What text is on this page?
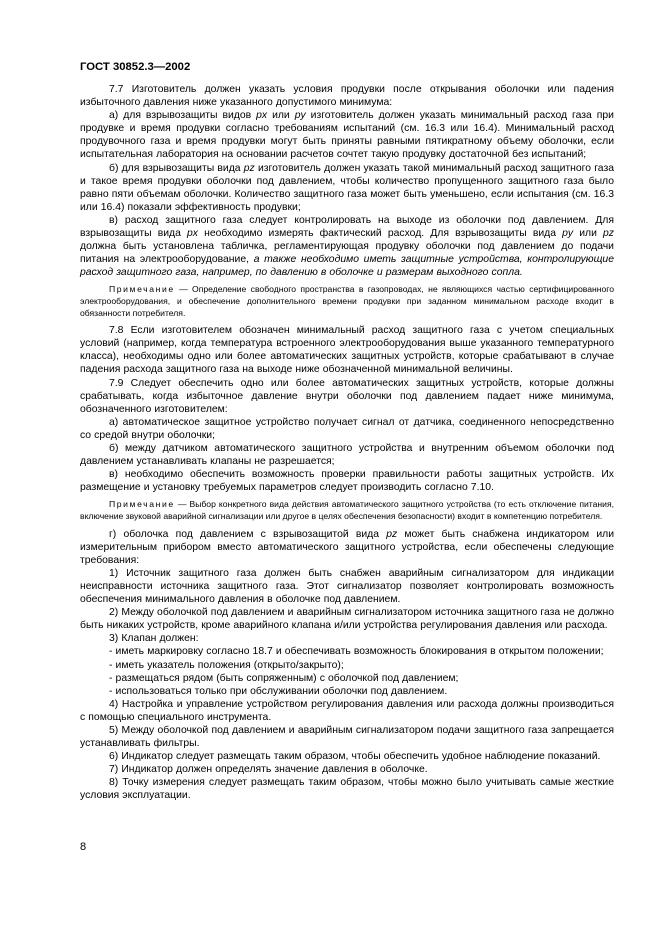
ГОСТ 30852.3—2002

7.7 Изготовитель должен указать условия продувки после открывания оболочки или падения избыточного давления ниже указанного допустимого минимума:

а) для взрывозащиты видов px или py изготовитель должен указать минимальный расход газа при продувке и время продувки согласно требованиям испытаний (см. 16.3 или 16.4). Минимальный расход продувочного газа и время продувки могут быть приняты равными пятикратному объему оболочки, если испытательная лаборатория на основании расчетов сочтет такую продувку достаточной без испытаний;

б) для взрывозащиты вида pz изготовитель должен указать такой минимальный расход защитного газа и такое время продувки оболочки под давлением, чтобы количество пропущенного защитного газа было равно пяти объемам оболочки. Количество защитного газа может быть уменьшено, если испытания (см. 16.3 или 16.4) показали эффективность продувки;

в) расход защитного газа следует контролировать на выходе из оболочки под давлением. Для взрывозащиты вида px необходимо измерять фактический расход. Для взрывозащиты вида py или pz должна быть установлена табличка, регламентирующая продувку оболочки под давлением до подачи питания на электрооборудование, а также необходимо иметь защитные устройства, контролирующие расход защитного газа, например, по давлению в оболочке и размерам выходного сопла.

Примечание — Определение свободного пространства в газопроводах, не являющихся частью сертифицированного электрооборудования, и обеспечение дополнительного времени продувки при заданном минимальном расходе входит в обязанности потребителя.

7.8 Если изготовителем обозначен минимальный расход защитного газа с учетом специальных условий (например, когда температура встроенного электрооборудования выше указанного температурного класса), необходимы одно или более автоматических защитных устройств, которые срабатывают в случае падения расхода защитного газа на выходе ниже обозначенной минимальной величины.

7.9 Следует обеспечить одно или более автоматических защитных устройств, которые должны срабатывать, когда избыточное давление внутри оболочки под давлением падает ниже минимума, обозначенного изготовителем:

а) автоматическое защитное устройство получает сигнал от датчика, соединенного непосредственно со средой внутри оболочки;

б) между датчиком автоматического защитного устройства и внутренним объемом оболочки под давлением устанавливать клапаны не разрешается;

в) необходимо обеспечить возможность проверки правильности работы защитных устройств. Их размещение и установку требуемых параметров следует производить согласно 7.10.

Примечание — Выбор конкретного вида действия автоматического защитного устройства (то есть отключение питания, включение звуковой аварийной сигнализации или другое в целях обеспечения безопасности) входит в компетенцию потребителя.

г) оболочка под давлением с взрывозащитой вида pz может быть снабжена индикатором или измерительным прибором вместо автоматического защитного устройства, если обеспечены следующие требования:

1) Источник защитного газа должен быть снабжен аварийным сигнализатором для индикации неисправности источника защитного газа. Этот сигнализатор позволяет контролировать возможность обеспечения минимального давления в оболочке под давлением.

2) Между оболочкой под давлением и аварийным сигнализатором источника защитного газа не должно быть никаких устройств, кроме аварийного клапана и/или устройства регулирования давления или расхода.

3) Клапан должен:

- иметь маркировку согласно 18.7 и обеспечивать возможность блокирования в открытом положении;

- иметь указатель положения (открыто/закрыто);

- размещаться рядом (быть сопряженным) с оболочкой под давлением;

- использоваться только при обслуживании оболочки под давлением.

4) Настройка и управление устройством регулирования давления или расхода должны производиться с помощью специального инструмента.

5) Между оболочкой под давлением и аварийным сигнализатором подачи защитного газа запрещается устанавливать фильтры.

6) Индикатор следует размещать таким образом, чтобы обеспечить удобное наблюдение показаний.

7) Индикатор должен определять значение давления в оболочке.

8) Точку измерения следует размещать таким образом, чтобы можно было учитывать самые жесткие условия эксплуатации.

8
